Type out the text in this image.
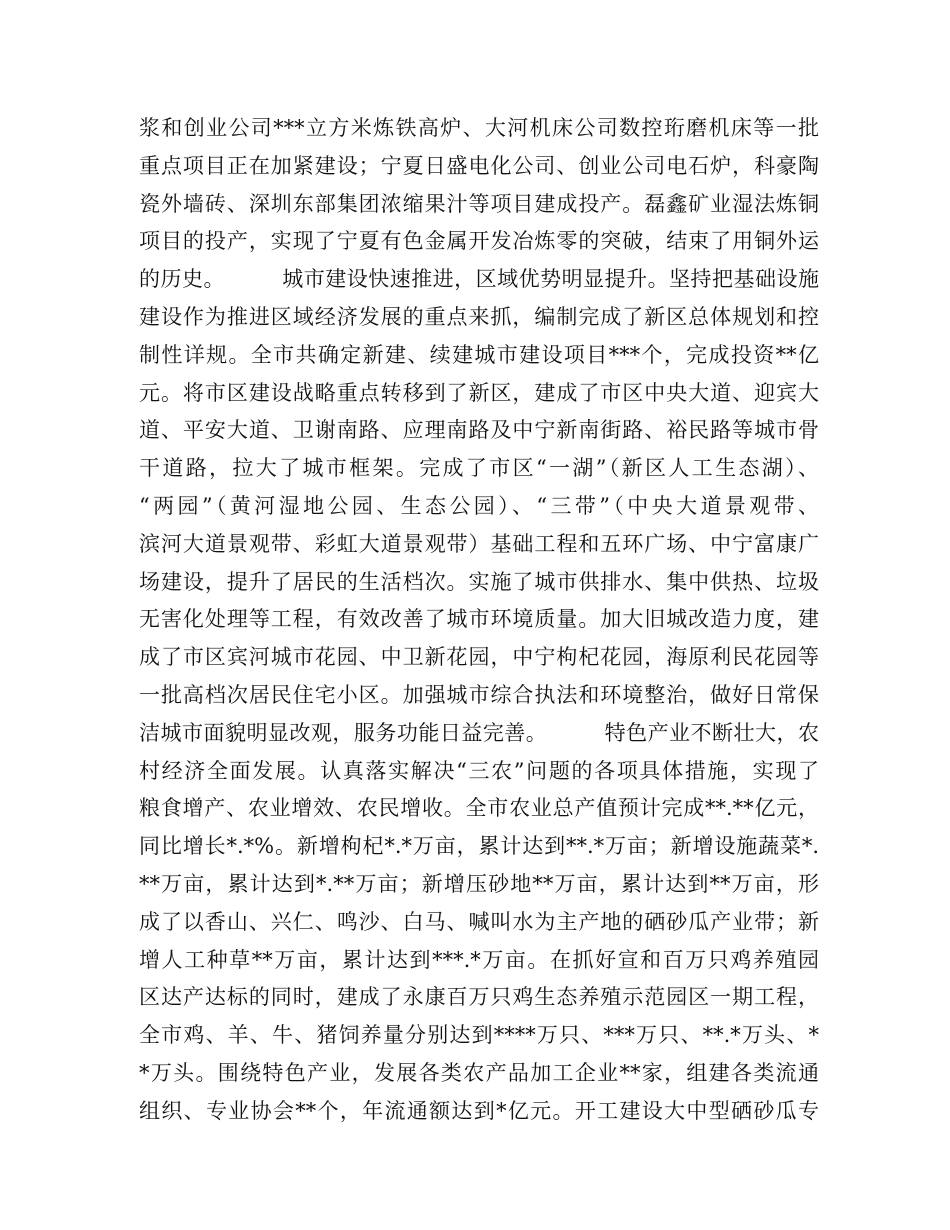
浆和创业公司***立方米炼铁高炉、大河机床公司数控珩磨机床等一批
重点项目正在加紧建设；宁夏日盛电化公司、创业公司电石炉，科豪陶
瓷外墙砖、深圳东部集团浓缩果汁等项目建成投产。磊鑫矿业湿法炼铜
项目的投产，实现了宁夏有色金属开发冶炼零的突破，结束了用铜外运
的历史。        城市建设快速推进，区域优势明显提升。坚持把基础设施
建设作为推进区域经济发展的重点来抓，编制完成了新区总体规划和控
制性详规。全市共确定新建、续建城市建设项目***个，完成投资**亿
元。将市区建设战略重点转移到了新区，建成了市区中央大道、迎宾大
道、平安大道、卫谢南路、应理南路及中宁新南街路、裕民路等城市骨
干道路，拉大了城市框架。完成了市区“一湖”（新区人工生态湖）、
“两园”（黄河湿地公园、生态公园）、“三带”（中央大道景观带、
滨河大道景观带、彩虹大道景观带）基础工程和五环广场、中宁富康广
场建设，提升了居民的生活档次。实施了城市供排水、集中供热、垃圾
无害化处理等工程，有效改善了城市环境质量。加大旧城改造力度，建
成了市区宾河城市花园、中卫新花园，中宁枸杞花园，海原利民花园等
一批高档次居民住宅小区。加强城市综合执法和环境整治，做好日常保
洁城市面貌明显改观，服务功能日益完善。        特色产业不断壮大，农
村经济全面发展。认真落实解决“三农”问题的各项具体措施，实现了
粮食增产、农业增效、农民增收。全市农业总产值预计完成**.**亿元，
同比增长*.*%。新增枸杞*.*万亩，累计达到**.*万亩；新增设施蔬菜*.
**万亩，累计达到*.**万亩；新增压砂地**万亩，累计达到**万亩，形
成了以香山、兴仁、鸣沙、白马、喊叫水为主产地的硒砂瓜产业带；新
增人工种草**万亩，累计达到***.*万亩。在抓好宣和百万只鸡养殖园
区达产达标的同时，建成了永康百万只鸡生态养殖示范园区一期工程，
全市鸡、羊、牛、猪饲养量分别达到****万只、***万只、**.*万头、*
*万头。围绕特色产业，发展各类农产品加工企业**家，组建各类流通
组织、专业协会**个，年流通额达到*亿元。开工建设大中型硒砂瓜专
